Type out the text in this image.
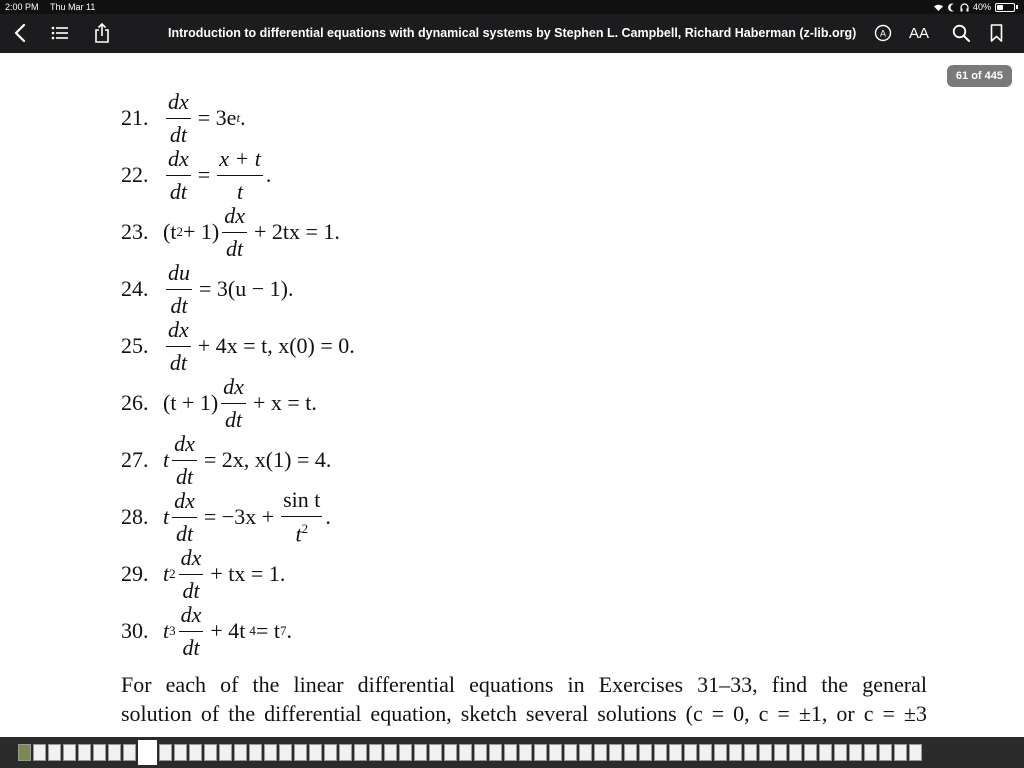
2:00 PM Thu Mar 11	40%
Introduction to differential equations with dynamical systems by Stephen L. Campbell, Richard Haberman (z-lib.org)	A AA
21. $\frac{dx}{dt} = 3e$ t .
22. $\frac{dx}{dt} = \frac{x + t}{t}$ .
23. (t $2 + 1) \frac{dx}{dt} + 2tx = 1$.
24. $\frac{du}{dt} = 3(u - 1)$.
25. $\frac{dx}{dt} + 4x = t$, x(0) = 0.
26. $(t + 1) \frac{dx}{dt} + x = t$.
27. t $\frac{dx}{dt} = 2x$, x(1) = 4.
28. t $\frac{dx}{dt} = -3x + \frac{\text{sin t}}{t^2}$ .
29. t $2 \frac{dx}{dt}$ + tx = 1.
30. t $3 \frac{dx}{dt} + 4t$ 4 = t 7 .
For each of the linear differential equations in Exercises 31–33, find the general
solution of the differential equation, sketch several solutions (c = 0, c = ±1, or c = ±3
61 of 445
